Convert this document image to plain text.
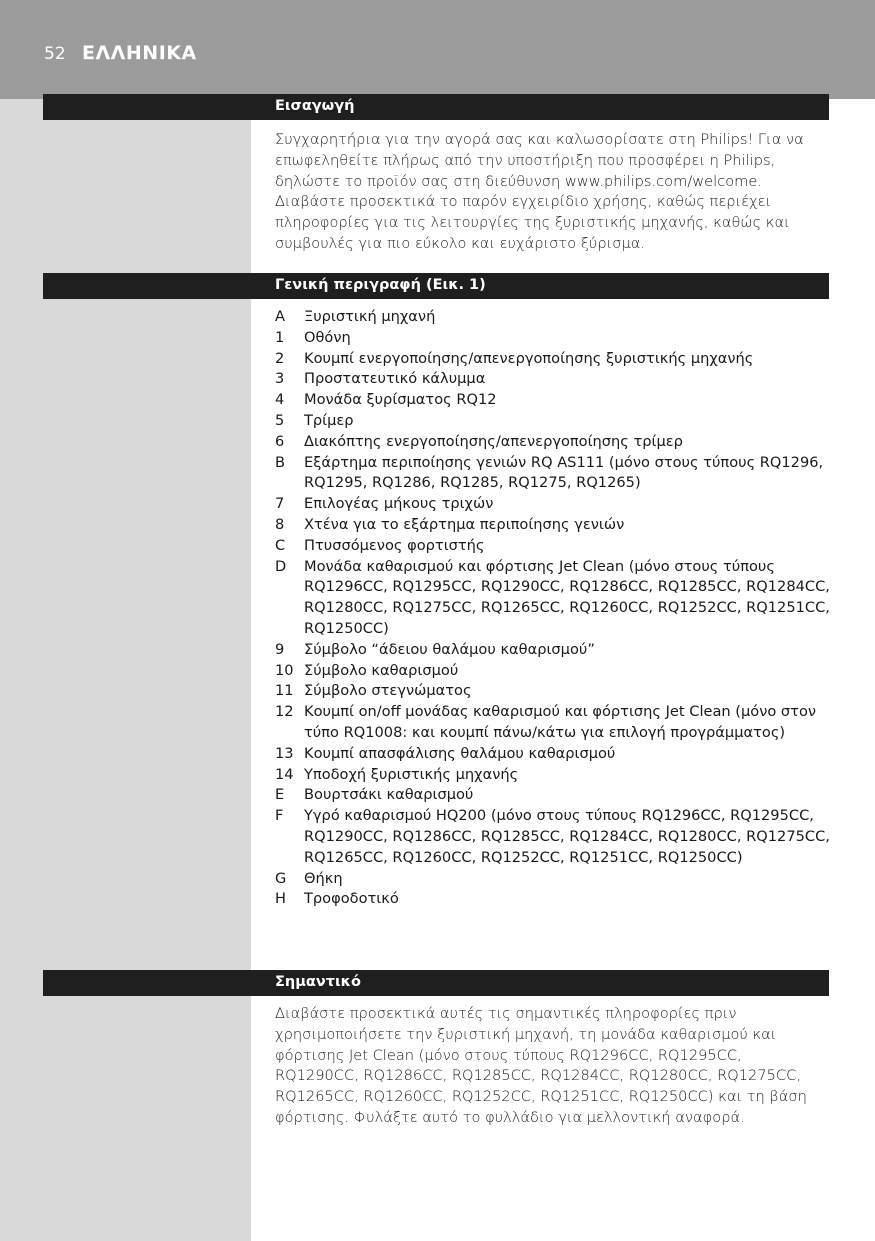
52 ΕΛΛΗΝΙΚΑ
Εισαγωγή
Συγχαρητήρια για την αγορά σας και καλωσορίσατε στη Philips! Για να επωφεληθείτε πλήρως από την υποστήριξη που προσφέρει η Philips, δηλώστε το προϊόν σας στη διεύθυνση www.philips.com/welcome. Διαβάστε προσεκτικά το παρόν εγχειρίδιο χρήσης, καθώς περιέχει πληροφορίες για τις λειτουργίες της ξυριστικής μηχανής, καθώς και συμβουλές για πιο εύκολο και ευχάριστο ξύρισμα.
Γενική περιγραφή (Εικ. 1)
A	Ξυριστική μηχανή
1	Οθόνη
2	Κουμπί ενεργοποίησης/απενεργοποίησης ξυριστικής μηχανής
3	Προστατευτικό κάλυμμα
4	Μονάδα ξυρίσματος RQ12
5	Τρίμερ
6	Διακόπτης ενεργοποίησης/απενεργοποίησης τρίμερ
B	Εξάρτημα περιποίησης γενιών RQ AS111 (μόνο στους τύπους RQ1296, RQ1295, RQ1286, RQ1285, RQ1275, RQ1265)
7	Επιλογέας μήκους τριχών
8	Χτένα για το εξάρτημα περιποίησης γενιών
C	Πτυσσόμενος φορτιστής
D	Μονάδα καθαρισμού και φόρτισης Jet Clean (μόνο στους τύπους RQ1296CC, RQ1295CC, RQ1290CC, RQ1286CC, RQ1285CC, RQ1284CC, RQ1280CC, RQ1275CC, RQ1265CC, RQ1260CC, RQ1252CC, RQ1251CC, RQ1250CC)
9	Σύμβολο “άδειου θαλάμου καθαρισμού”
10 Σύμβολο καθαρισμού
11 Σύμβολο στεγνώματος
12 Κουμπί on/off μονάδας καθαρισμού και φόρτισης Jet Clean (μόνο στον τύπο RQ1008: και κουμπί πάνω/κάτω για επιλογή προγράμματος)
13 Κουμπί απασφάλισης θαλάμου καθαρισμού
14 Υποδοχή ξυριστικής μηχανής
E	Βουρτσάκι καθαρισμού
F	Υγρό καθαρισμού HQ200 (μόνο στους τύπους RQ1296CC, RQ1295CC, RQ1290CC, RQ1286CC, RQ1285CC, RQ1284CC, RQ1280CC, RQ1275CC, RQ1265CC, RQ1260CC, RQ1252CC, RQ1251CC, RQ1250CC)
G	Θήκη
H	Τροφοδοτικό
Σημαντικό
Διαβάστε προσεκτικά αυτές τις σημαντικές πληροφορίες πριν χρησιμοποιήσετε την ξυριστική μηχανή, τη μονάδα καθαρισμού και φόρτισης Jet Clean (μόνο στους τύπους RQ1296CC, RQ1295CC, RQ1290CC, RQ1286CC, RQ1285CC, RQ1284CC, RQ1280CC, RQ1275CC, RQ1265CC, RQ1260CC, RQ1252CC, RQ1251CC, RQ1250CC) και τη βάση φόρτισης. Φυλάξτε αυτό το φυλλάδιο για μελλοντική αναφορά.
